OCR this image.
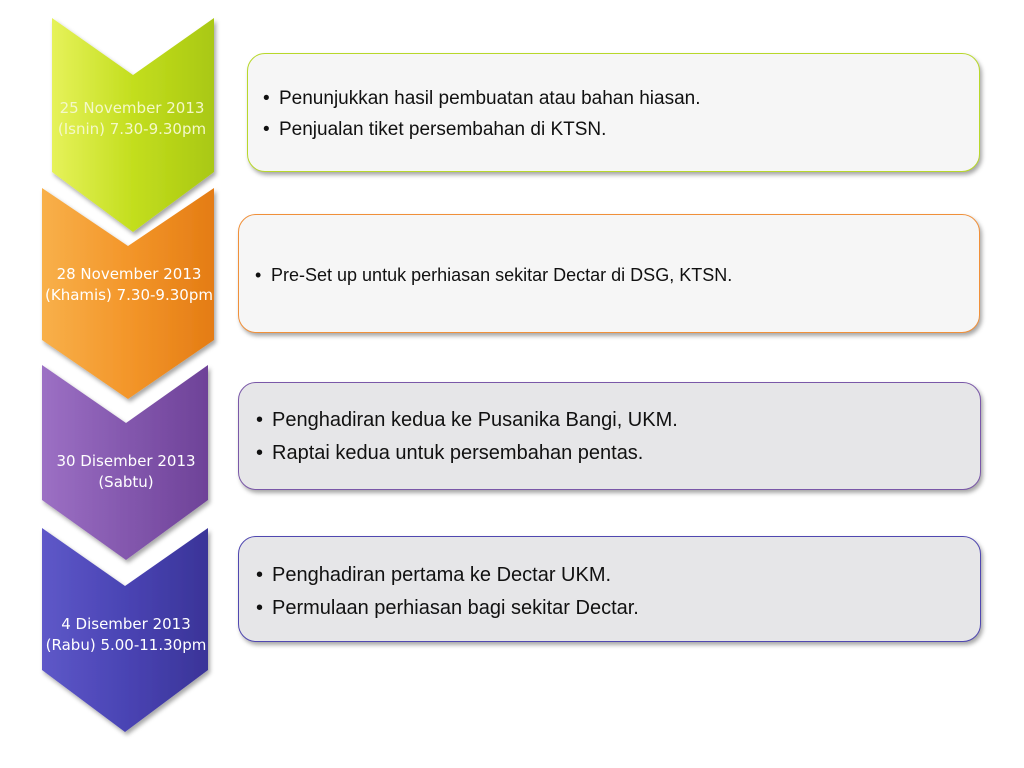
25 November 2013 (Isnin) 7.30-9.30pm
28 November 2013 (Khamis) 7.30-9.30pm
30 Disember 2013 (Sabtu)
4 Disember 2013 (Rabu) 5.00-11.30pm
• Penunjukkan hasil pembuatan atau bahan hiasan.
• Penjualan tiket persembahan di KTSN.
• Pre-Set up untuk perhiasan sekitar Dectar di DSG, KTSN.
• Penghadiran kedua ke Pusanika Bangi, UKM.
• Raptai kedua untuk persembahan pentas.
• Penghadiran pertama ke Dectar UKM.
• Permulaan perhiasan bagi sekitar Dectar.
